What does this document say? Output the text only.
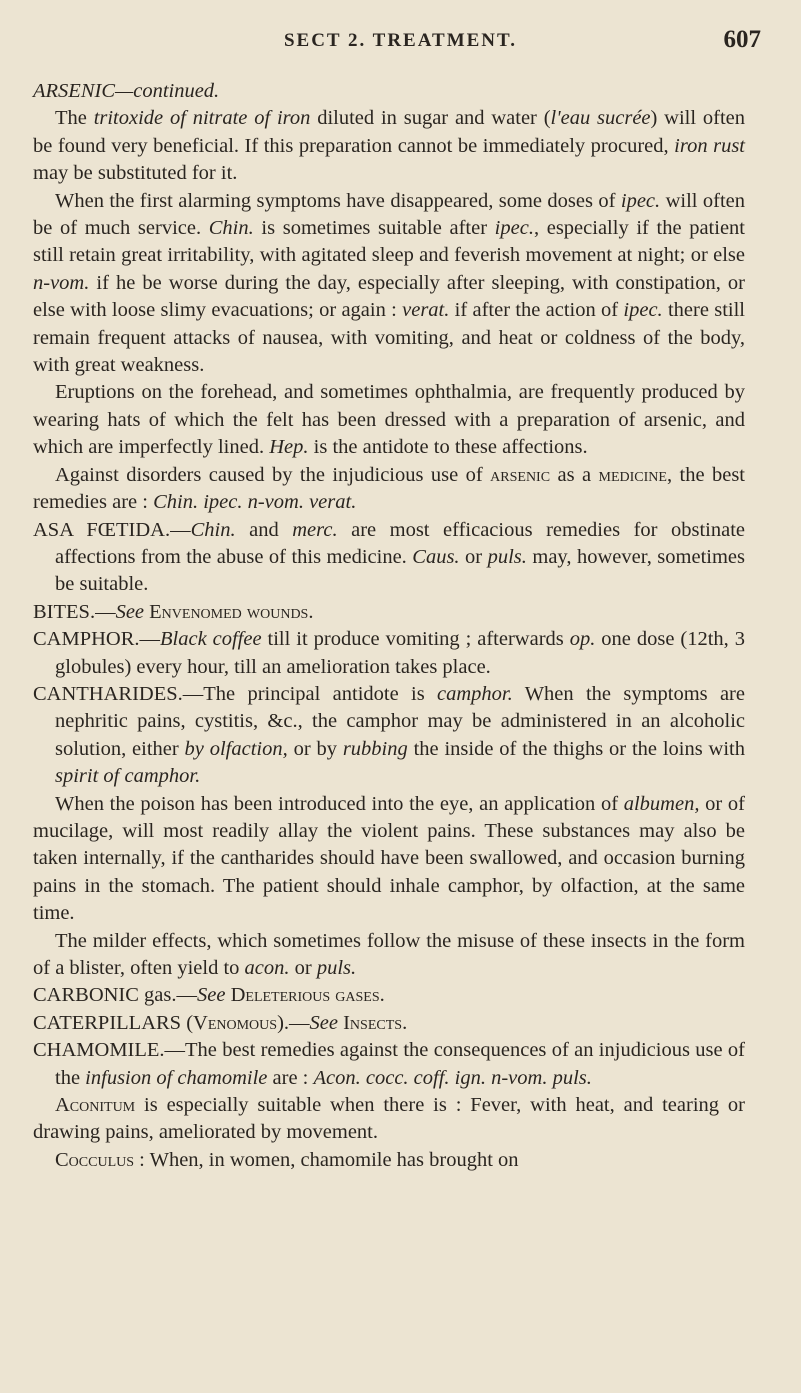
SECT 2. TREATMENT.	607

ARSENIC—continued.

The tritoxide of nitrate of iron diluted in sugar and water (l'eau sucrée) will often be found very beneficial. If this preparation cannot be immediately procured, iron rust may be substituted for it.

When the first alarming symptoms have disappeared, some doses of ipec. will often be of much service. Chin. is sometimes suitable after ipec., especially if the patient still retain great irritability, with agitated sleep and feverish movement at night; or else n-vom. if he be worse during the day, especially after sleeping, with constipation, or else with loose slimy evacuations; or again : verat. if after the action of ipec. there still remain frequent attacks of nausea, with vomiting, and heat or coldness of the body, with great weakness.

Eruptions on the forehead, and sometimes ophthalmia, are frequently produced by wearing hats of which the felt has been dressed with a preparation of arsenic, and which are imperfectly lined. Hep. is the antidote to these affections.

Against disorders caused by the injudicious use of arsenic as a medicine, the best remedies are : Chin. ipec. n-vom. verat.

ASA FŒTIDA.—Chin. and merc. are most efficacious remedies for obstinate affections from the abuse of this medicine. Caus. or puls. may, however, sometimes be suitable.

BITES.—See Envenomed wounds.

CAMPHOR.—Black coffee till it produce vomiting ; afterwards op. one dose (12th, 3 globules) every hour, till an amelioration takes place.

CANTHARIDES.—The principal antidote is camphor. When the symptoms are nephritic pains, cystitis, &c., the camphor may be administered in an alcoholic solution, either by olfaction, or by rubbing the inside of the thighs or the loins with spirit of camphor.

When the poison has been introduced into the eye, an application of albumen, or of mucilage, will most readily allay the violent pains. These substances may also be taken internally, if the cantharides should have been swallowed, and occasion burning pains in the stomach. The patient should inhale camphor, by olfaction, at the same time.

The milder effects, which sometimes follow the misuse of these insects in the form of a blister, often yield to acon. or puls.

CARBONIC gas.—See Deleterious gases.

CATERPILLARS (Venomous).—See Insects.

CHAMOMILE.—The best remedies against the consequences of an injudicious use of the infusion of chamomile are : Acon. cocc. coff. ign. n-vom. puls.

Aconitum is especially suitable when there is : Fever, with heat, and tearing or drawing pains, ameliorated by movement.

Cocculus : When, in women, chamomile has brought on
